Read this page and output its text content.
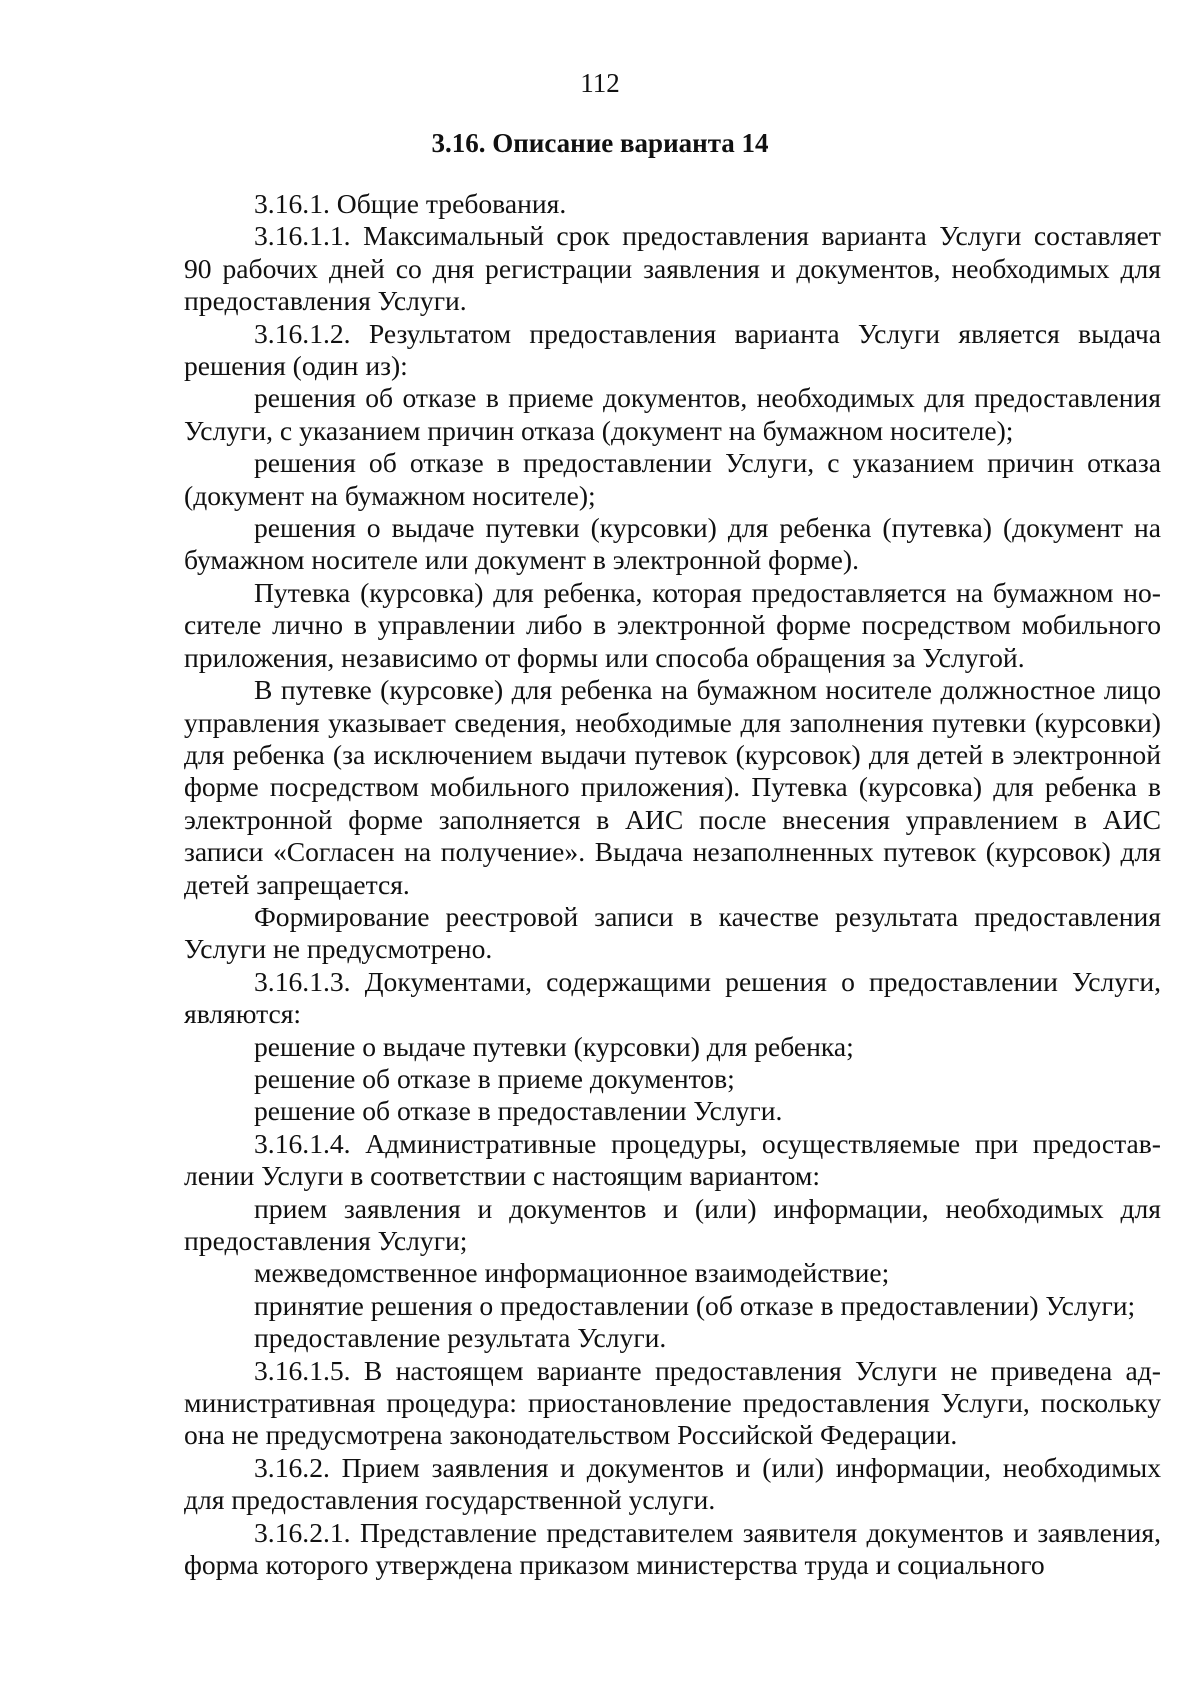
112
3.16. Описание варианта 14

3.16.1. Общие требования.

3.16.1.1. Максимальный срок предоставления варианта Услуги составляет 90 рабочих дней со дня регистрации заявления и документов, необходимых для предоставления Услуги.

3.16.1.2. Результатом предоставления варианта Услуги является выдача решения (один из):

решения об отказе в приеме документов, необходимых для предоставления Услуги, с указанием причин отказа (документ на бумажном носителе);

решения об отказе в предоставлении Услуги, с указанием причин отказа (документ на бумажном носителе);

решения о выдаче путевки (курсовки) для ребенка (путевка) (документ на бумажном носителе или документ в электронной форме).

Путевка (курсовка) для ребенка, которая предоставляется на бумажном носителе лично в управлении либо в электронной форме посредством мобильного приложения, независимо от формы или способа обращения за Услугой.

В путевке (курсовке) для ребенка на бумажном носителе должностное лицо управления указывает сведения, необходимые для заполнения путевки (курсовки) для ребенка (за исключением выдачи путевок (курсовок) для детей в электронной форме посредством мобильного приложения). Путевка (курсовка) для ребенка в электронной форме заполняется в АИС после внесения управлением в АИС записи «Согласен на получение». Выдача незаполненных путевок (курсовок) для детей запрещается.

Формирование реестровой записи в качестве результата предоставления Услуги не предусмотрено.

3.16.1.3. Документами, содержащими решения о предоставлении Услуги, являются:

решение о выдаче путевки (курсовки) для ребенка;

решение об отказе в приеме документов;

решение об отказе в предоставлении Услуги.

3.16.1.4. Административные процедуры, осуществляемые при предоставлении Услуги в соответствии с настоящим вариантом:

прием заявления и документов и (или) информации, необходимых для предоставления Услуги;

межведомственное информационное взаимодействие;

принятие решения о предоставлении (об отказе в предоставлении) Услуги;

предоставление результата Услуги.

3.16.1.5. В настоящем варианте предоставления Услуги не приведена административная процедура: приостановление предоставления Услуги, поскольку она не предусмотрена законодательством Российской Федерации.

3.16.2. Прием заявления и документов и (или) информации, необходимых для предоставления государственной услуги.

3.16.2.1. Представление представителем заявителя документов и заявления, форма которого утверждена приказом министерства труда и социального
